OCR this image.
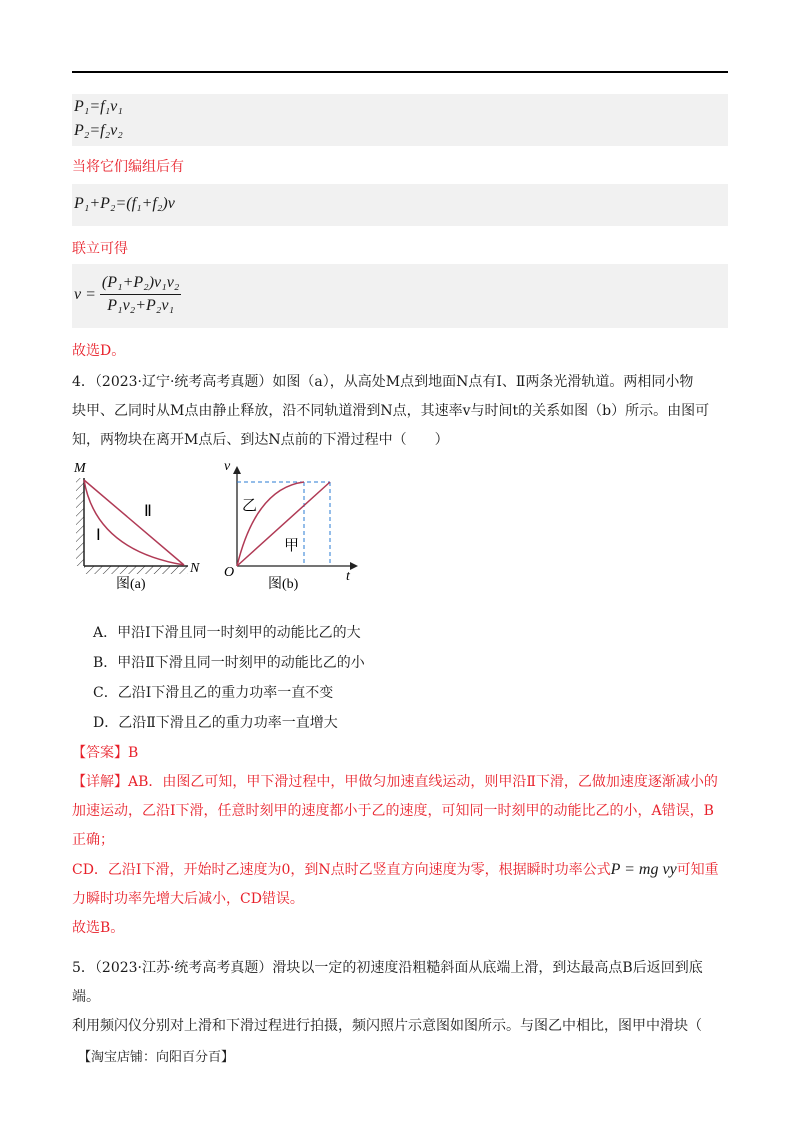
P₁=f₁v₁
P₂=f₂v₂
当将它们编组后有
P₁+P₂=(f₁+f₂)v
联立可得
$v = \frac{\text{(P₁+P₂)v₁v₂}}{\text{P₁v₂+P₂v₁}}$
故选D。
4．（2023·辽宁·统考高考真题）如图（a），从高处M点到地面N点有Ⅰ、Ⅱ两条光滑轨道。两相同小物
块甲、乙同时从M点由静止释放，沿不同轨道滑到N点，其速率v与时间t的关系如图（b）所示。由图可
知，两物块在离开M点后、到达N点前的下滑过程中（　　）
M
N
Ⅰ
Ⅱ
图(a)
v
t
O
乙
甲
图(b)
A．甲沿Ⅰ下滑且同一时刻甲的动能比乙的大
B．甲沿Ⅱ下滑且同一时刻甲的动能比乙的小
C．乙沿Ⅰ下滑且乙的重力功率一直不变
D．乙沿Ⅱ下滑且乙的重力功率一直增大
【答案】B
【详解】AB．由图乙可知，甲下滑过程中，甲做匀加速直线运动，则甲沿Ⅱ下滑，乙做加速度逐渐减小的
加速运动，乙沿Ⅰ下滑，任意时刻甲的速度都小于乙的速度，可知同一时刻甲的动能比乙的小，A错误，B
正确；
CD．乙沿Ⅰ下滑，开始时乙速度为0，到N点时乙竖直方向速度为零，根据瞬时功率公式P = mg vy可知重
力瞬时功率先增大后减小，CD错误。
故选B。
5．（2023·江苏·统考高考真题）滑块以一定的初速度沿粗糙斜面从底端上滑，到达最高点B后返回到底端。
利用频闪仪分别对上滑和下滑过程进行拍摄，频闪照片示意图如图所示。与图乙中相比，图甲中滑块（
【淘宝店铺：向阳百分百】
